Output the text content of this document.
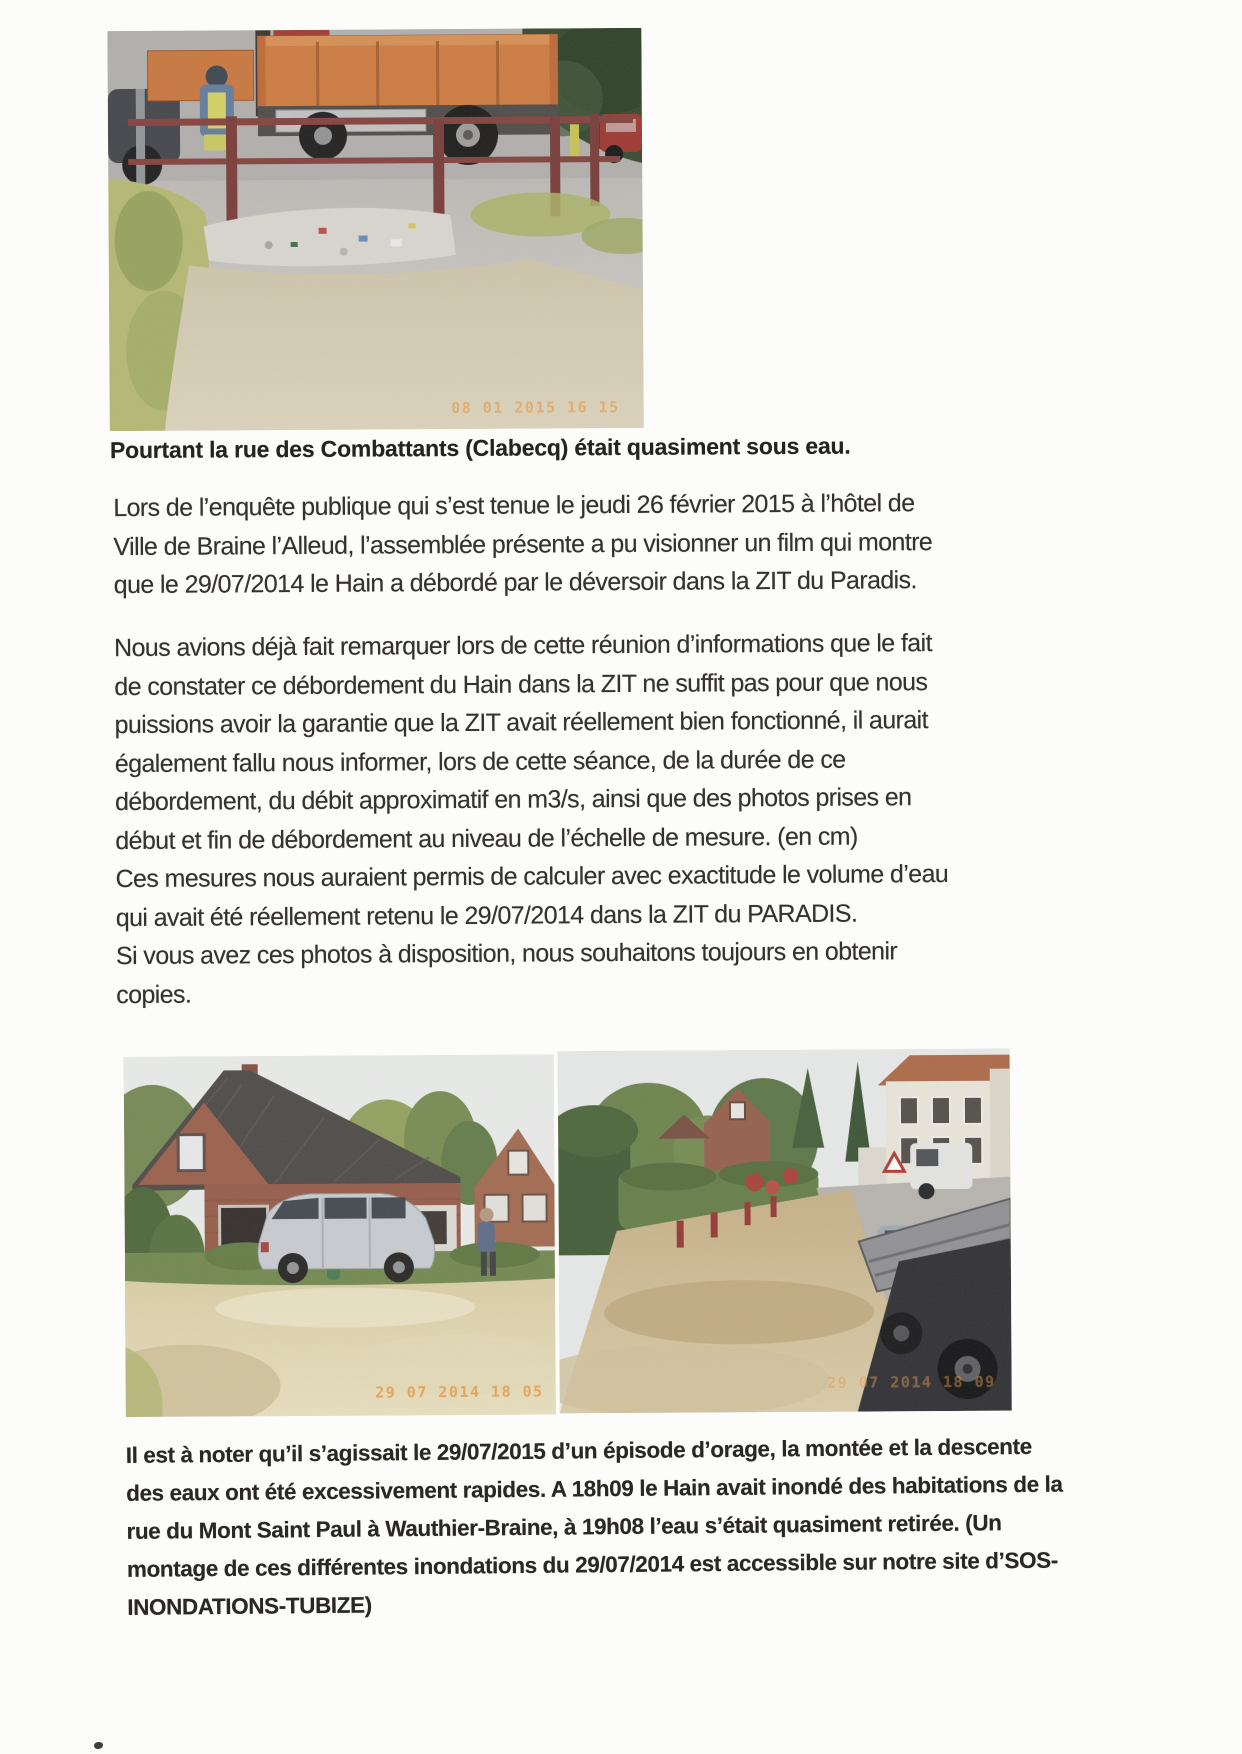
08 01 2015 16 15

Pourtant la rue des Combattants (Clabecq) était quasiment sous eau.

Lors de l’enquête publique qui s’est tenue le jeudi 26 février 2015 à l’hôtel de
Ville de Braine l’Alleud, l’assemblée présente a pu visionner un film qui montre
que le 29/07/2014 le Hain a débordé par le déversoir dans la ZIT du Paradis.

Nous avions déjà fait remarquer lors de cette réunion d’informations que le fait
de constater ce débordement du Hain dans la ZIT ne suffit pas pour que nous
puissions avoir la garantie que la ZIT avait réellement bien fonctionné, il aurait
également fallu nous informer, lors de cette séance, de la durée de ce
débordement, du débit approximatif en m3/s, ainsi que des photos prises en
début et fin de débordement au niveau de l’échelle de mesure. (en cm)
Ces mesures nous auraient permis de calculer avec exactitude le volume d’eau
qui avait été réellement retenu le 29/07/2014 dans la ZIT du PARADIS.
Si vous avez ces photos à disposition, nous souhaitons toujours en obtenir
copies.

29 07 2014 18 05
29 07 2014 18 09

Il est à noter qu’il s’agissait le 29/07/2015 d’un épisode d’orage, la montée et la descente
des eaux ont été excessivement rapides. A 18h09 le Hain avait inondé des habitations de la
rue du Mont Saint Paul à Wauthier-Braine, à 19h08 l’eau s’était quasiment retirée. (Un
montage de ces différentes inondations du 29/07/2014 est accessible sur notre site d’SOS-
INONDATIONS-TUBIZE)
